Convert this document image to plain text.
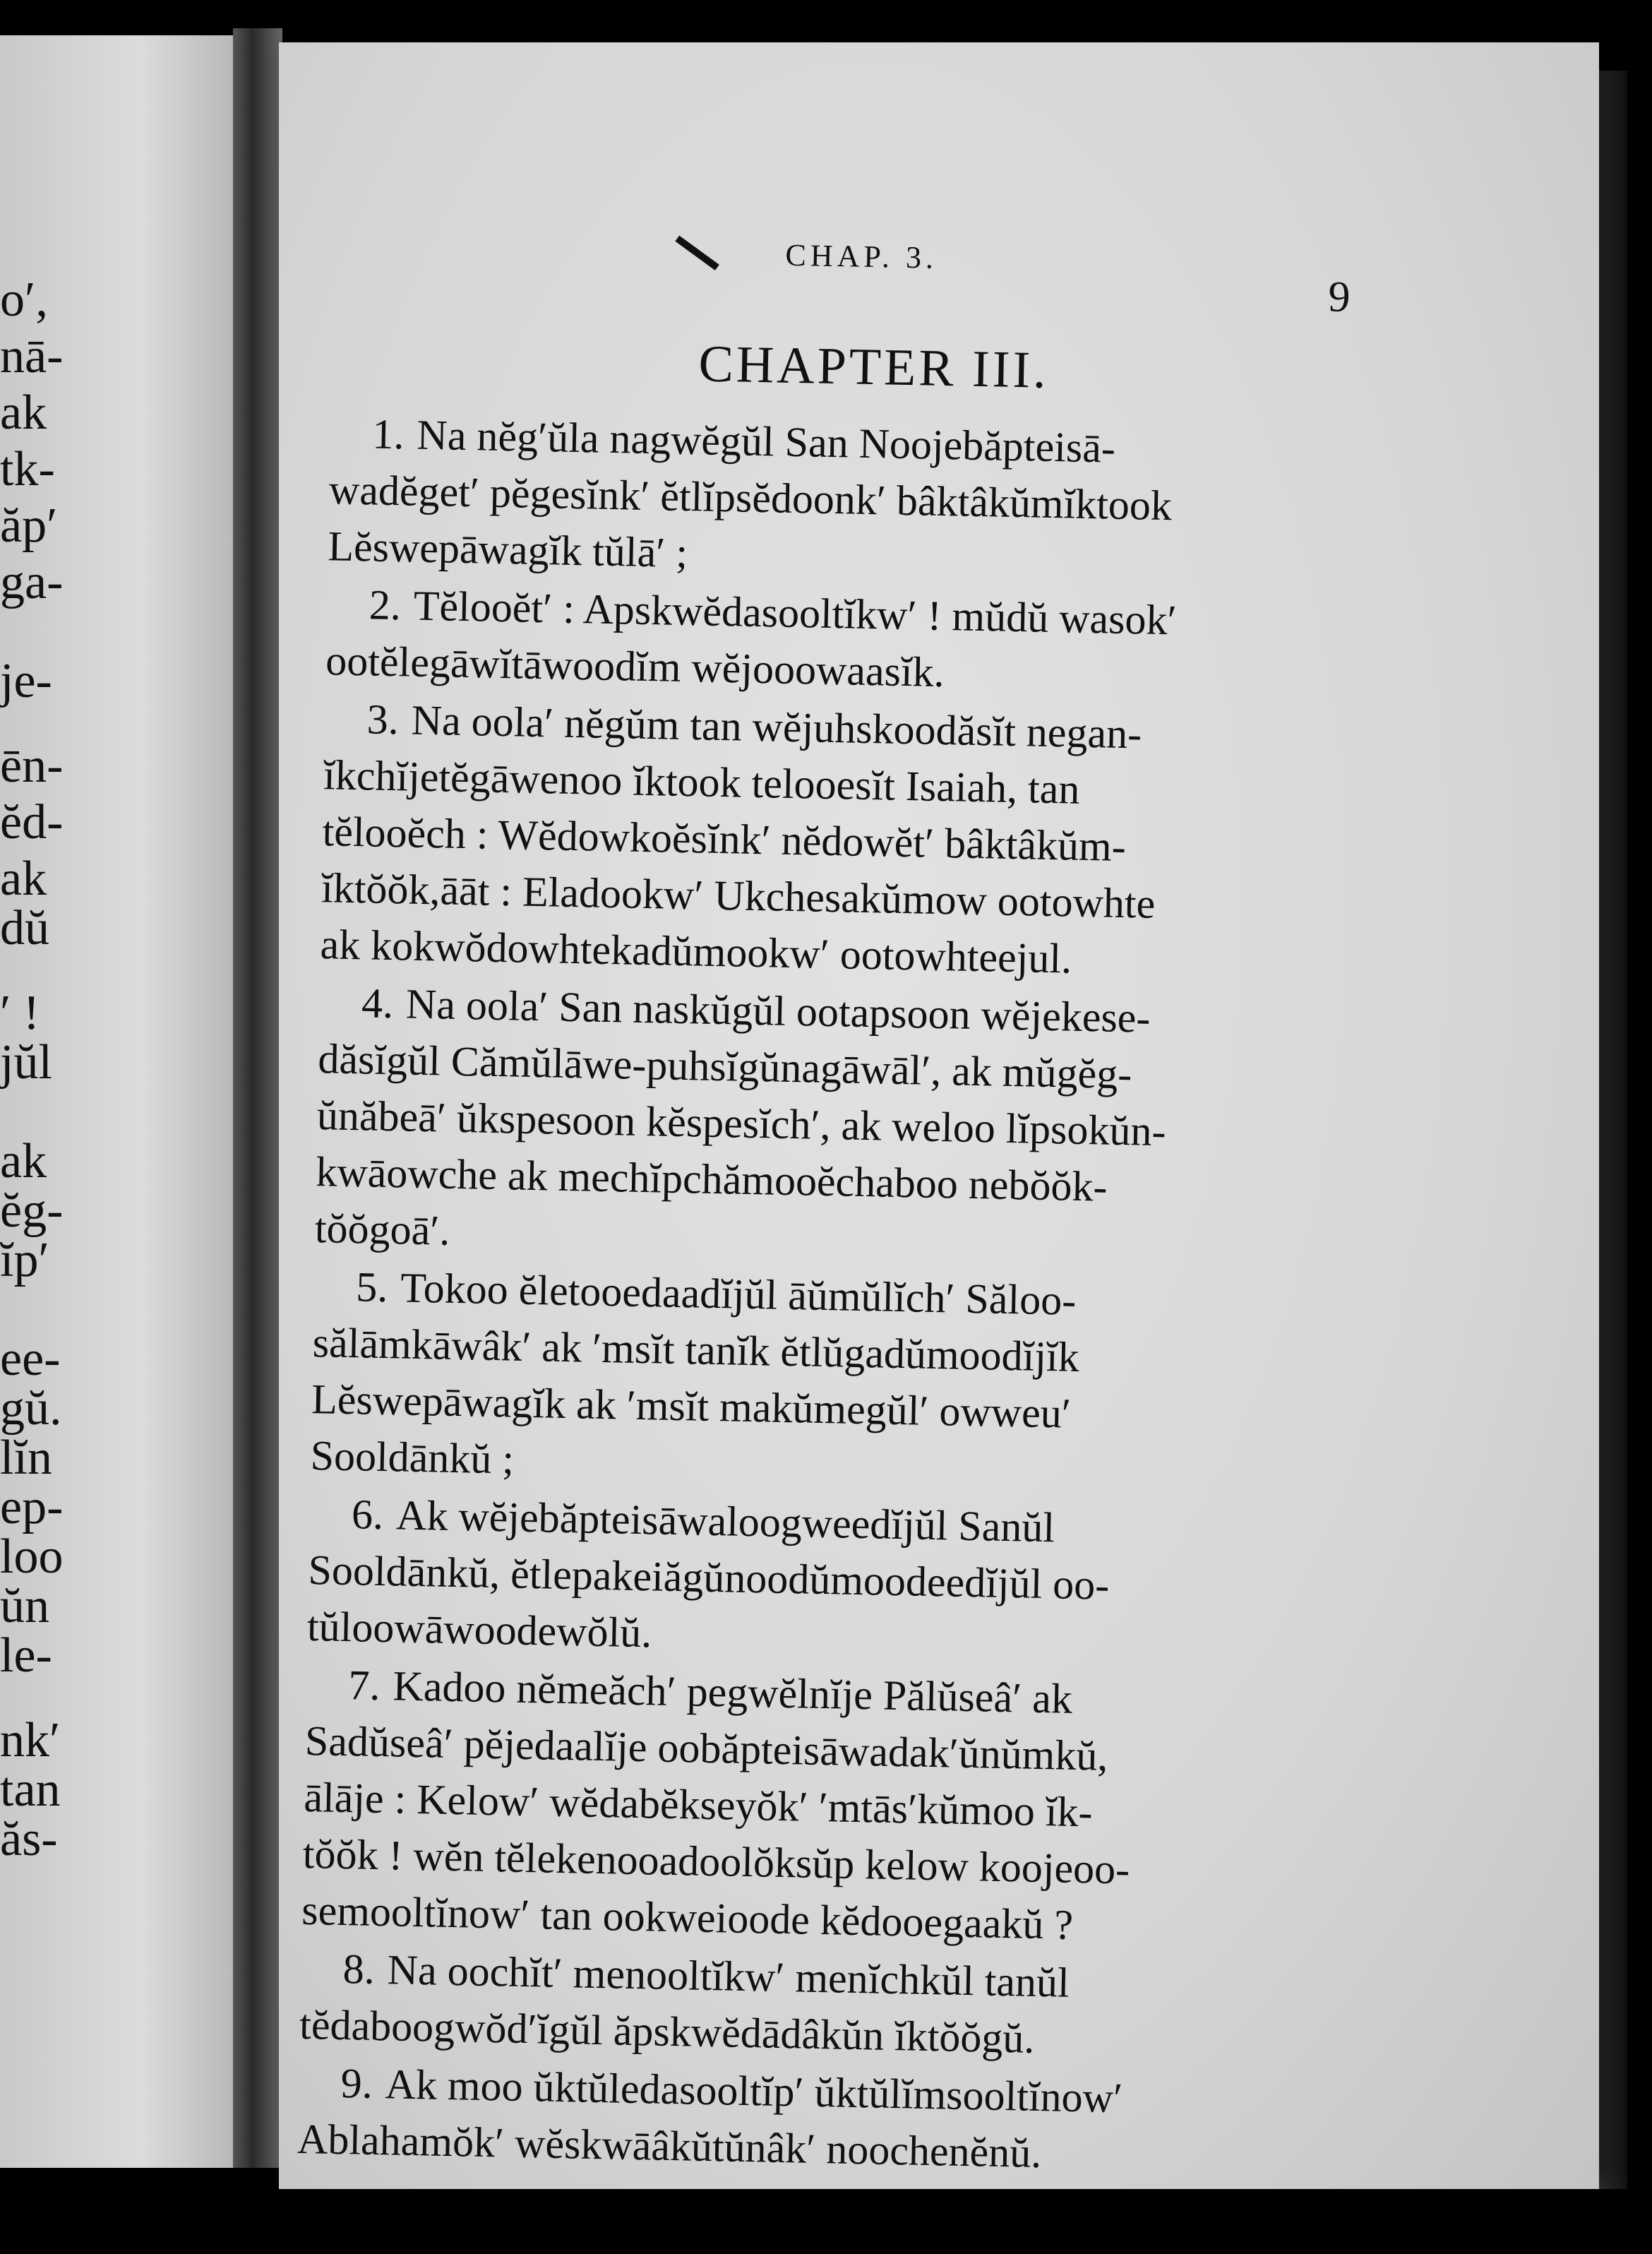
o′,
nā-
ak
tk-
ăp′
ga-
je-
ēn-
ĕd-
ak
dŭ
′ !
jŭl
ak
ĕg-
ĭp′
ee-
gŭ.
lĭn
ep-
loo
ŭn
le-
nk′
tan
ăs-
CHAP. 3.
9
CHAPTER III.
1. Na nĕg′ŭla nagwĕgŭl San Noojebăpteisā-
wadĕget′ pĕgesĭnk′ ĕtlĭpsĕdoonk′ bâktâkŭmĭktook
Lĕswepāwagĭk tŭlā′ ;
2. Tĕlooĕt′ : Apskwĕdasooltĭkw′ ! mŭdŭ wasok′
ootĕlegāwĭtāwoodĭm wĕjooowaasĭk.
3. Na oola′ nĕgŭm tan wĕjuhskoodăsĭt negan-
ĭkchĭjetĕgāwenoo ĭktook telooesĭt Isaiah, tan
tĕlooĕch : Wĕdowkoĕsĭnk′ nĕdowĕt′ bâktâkŭm-
ĭktŏŏk,āāt : Eladookw′ Ukchesakŭmow ootowhte
ak kokwŏdowhtekadŭmookw′ ootowhteejul.
4. Na oola′ San naskŭgŭl ootapsoon wĕjekese-
dăsĭgŭl Cămŭlāwe-puhsĭgŭnagāwāl′, ak mŭgĕg-
ŭnăbeā′ ŭkspesoon kĕspesĭch′, ak weloo lĭpsokŭn-
kwāowche ak mechĭpchămooĕchaboo nebŏŏk-
tŏŏgoā′.
5. Tokoo ĕletooedaadĭjŭl āŭmŭlĭch′ Săloo-
sălāmkāwâk′ ak ′msĭt tanĭk ĕtlŭgadŭmoodĭjĭk
Lĕswepāwagĭk ak ′msĭt makŭmegŭl′ owweu′
Sooldānkŭ ;
6. Ak wĕjebăpteisāwaloogweedĭjŭl Sanŭl
Sooldānkŭ, ĕtlepakeiăgŭnoodŭmoodeedĭjŭl oo-
tŭloowāwoodewŏlŭ.
7. Kadoo nĕmeăch′ pegwĕlnĭje Pălŭseâ′ ak
Sadŭseâ′ pĕjedaalĭje oobăpteisāwadak′ŭnŭmkŭ,
ālāje : Kelow′ wĕdabĕkseyŏk′ ′mtās′kŭmoo ĭk-
tŏŏk ! wĕn tĕlekenooadoolŏksŭp kelow koojeoo-
semooltĭnow′ tan ookweioode kĕdooegaakŭ ?
8. Na oochĭt′ menooltĭkw′ menĭchkŭl tanŭl
tĕdaboogwŏd′ĭgŭl ăpskwĕdādâkŭn ĭktŏŏgŭ.
9. Ak moo ŭktŭledasooltĭp′ ŭktŭlĭmsooltĭnow′
Ablahamŏk′ wĕskwāâkŭtŭnâk′ noochenĕnŭ.
